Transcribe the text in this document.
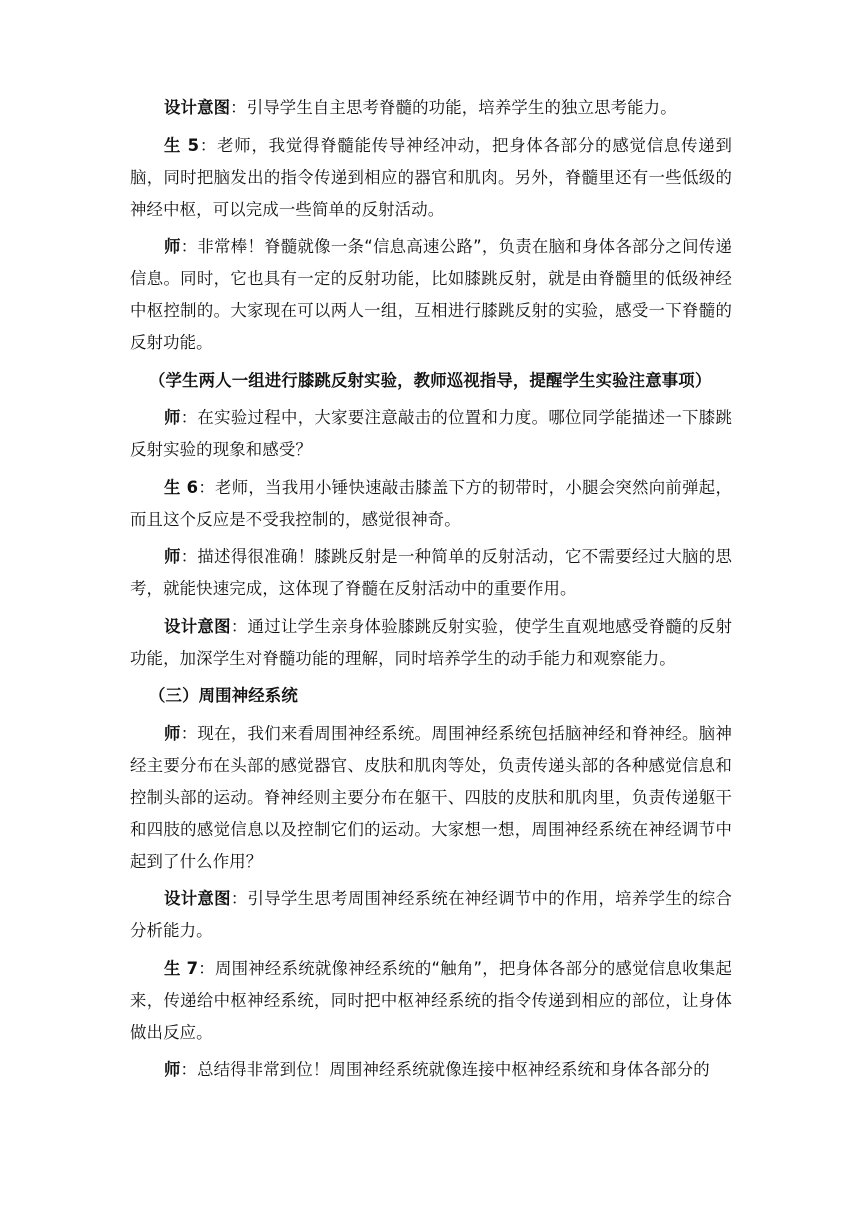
设计意图：引导学生自主思考脊髓的功能，培养学生的独立思考能力。

生 5：老师，我觉得脊髓能传导神经冲动，把身体各部分的感觉信息传递到脑，同时把脑发出的指令传递到相应的器官和肌肉。另外，脊髓里还有一些低级的神经中枢，可以完成一些简单的反射活动。

师：非常棒！脊髓就像一条“信息高速公路”，负责在脑和身体各部分之间传递信息。同时，它也具有一定的反射功能，比如膝跳反射，就是由脊髓里的低级神经中枢控制的。大家现在可以两人一组，互相进行膝跳反射的实验，感受一下脊髓的反射功能。

（学生两人一组进行膝跳反射实验，教师巡视指导，提醒学生实验注意事项）

师：在实验过程中，大家要注意敲击的位置和力度。哪位同学能描述一下膝跳反射实验的现象和感受？

生 6：老师，当我用小锤快速敲击膝盖下方的韧带时，小腿会突然向前弹起，而且这个反应是不受我控制的，感觉很神奇。

师：描述得很准确！膝跳反射是一种简单的反射活动，它不需要经过大脑的思考，就能快速完成，这体现了脊髓在反射活动中的重要作用。

设计意图：通过让学生亲身体验膝跳反射实验，使学生直观地感受脊髓的反射功能，加深学生对脊髓功能的理解，同时培养学生的动手能力和观察能力。

（三）周围神经系统

师：现在，我们来看周围神经系统。周围神经系统包括脑神经和脊神经。脑神经主要分布在头部的感觉器官、皮肤和肌肉等处，负责传递头部的各种感觉信息和控制头部的运动。脊神经则主要分布在躯干、四肢的皮肤和肌肉里，负责传递躯干和四肢的感觉信息以及控制它们的运动。大家想一想，周围神经系统在神经调节中起到了什么作用？

设计意图：引导学生思考周围神经系统在神经调节中的作用，培养学生的综合分析能力。

生 7：周围神经系统就像神经系统的“触角”，把身体各部分的感觉信息收集起来，传递给中枢神经系统，同时把中枢神经系统的指令传递到相应的部位，让身体做出反应。

师：总结得非常到位！周围神经系统就像连接中枢神经系统和身体各部分的
